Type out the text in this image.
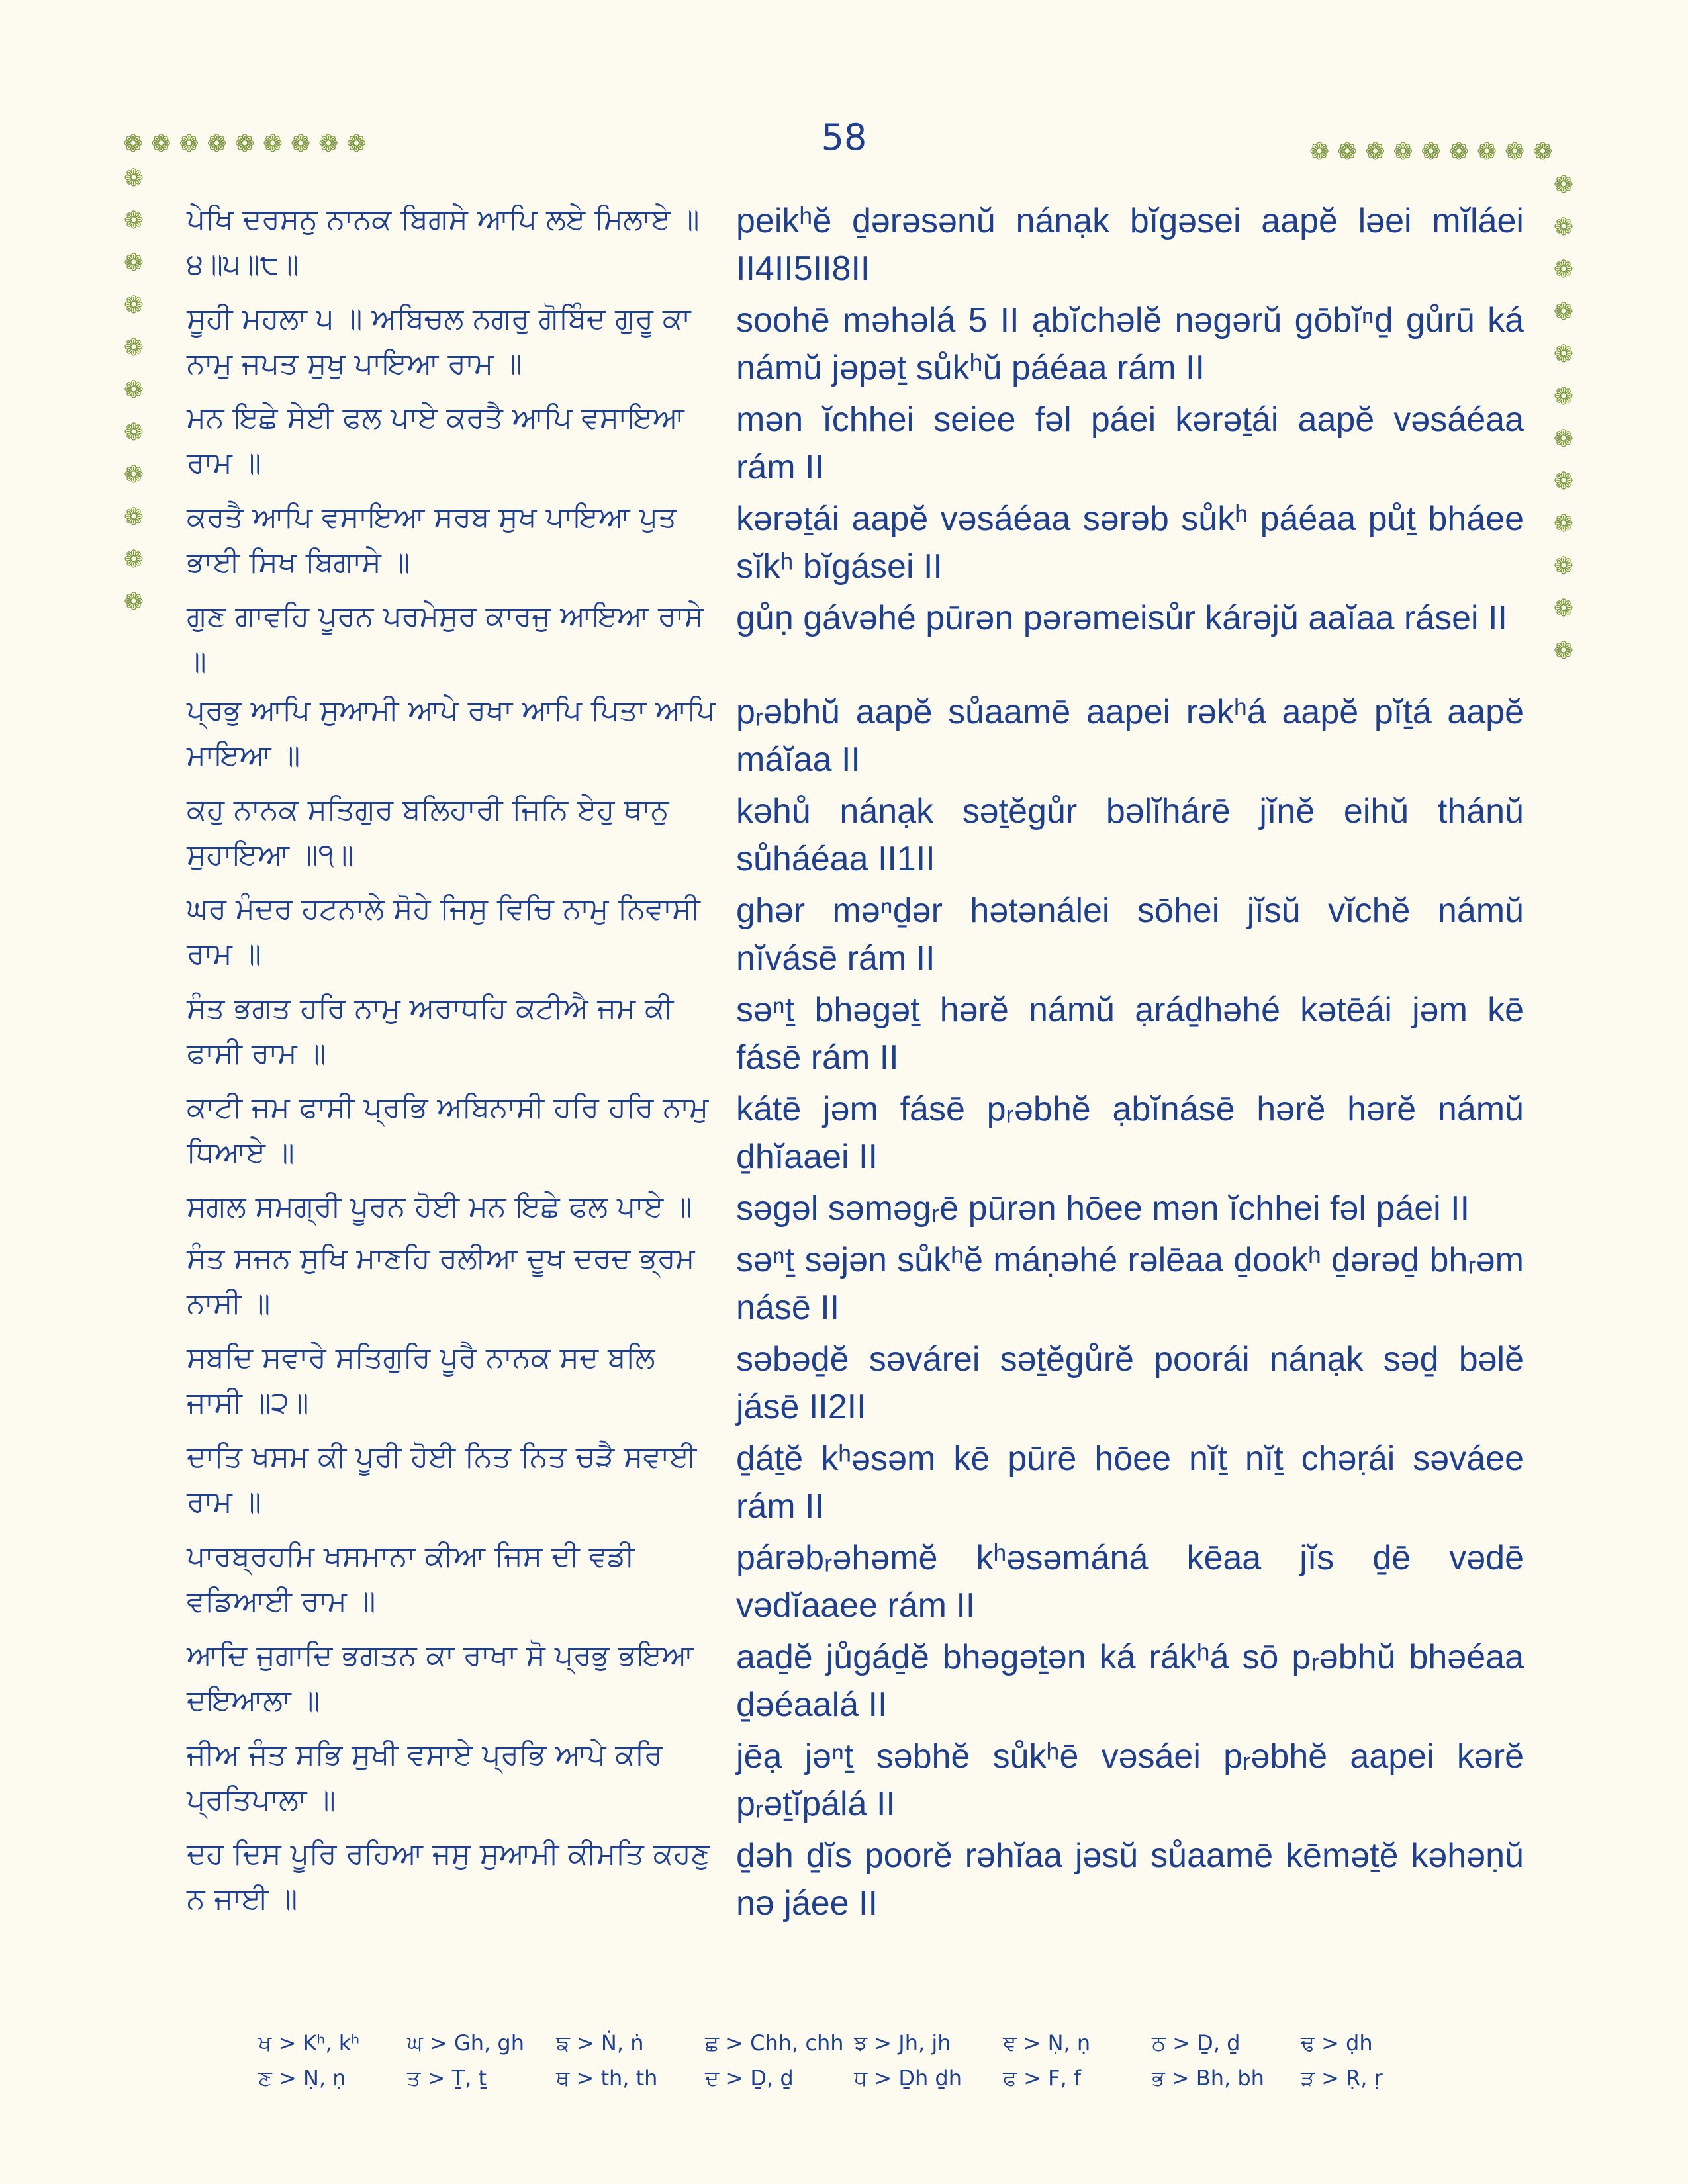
58
❁❁❁❁❁❁❁❁❁	❁❁❁❁❁❁❁❁❁
❁
❁
❁
❁
❁
❁
❁
❁
❁
❁
❁
❁
❁
❁
❁
❁
❁
❁
❁
❁
❁
❁
❁
ਪੇਖਿ ਦਰਸਨੁ ਨਾਨਕ ਬਿਗਸੇ ਆਪਿ ਲਏ ਮਿਲਾਏ ॥੪॥੫॥੮॥
peikʰĕ ḏərəsənŭ nánạk bĭgəsei aapĕ ləei mĭláei II4II5II8II
ਸੂਹੀ ਮਹਲਾ ੫ ॥ ਅਬਿਚਲ ਨਗਰੁ ਗੋਬਿੰਦ ਗੁਰੂ ਕਾ ਨਾਮੁ ਜਪਤ ਸੁਖੁ ਪਾਇਆ ਰਾਮ ॥
soohē məhəlá 5 II ạbĭchəlĕ nəgərŭ gōbĭⁿḏ gůrū ká námŭ jəpəṯ sůkʰŭ páéaa rám II
ਮਨ ਇਛੇ ਸੇਈ ਫਲ ਪਾਏ ਕਰਤੈ ਆਪਿ ਵਸਾਇਆ ਰਾਮ ॥
mən ĭchhei seiee fəl páei kərəṯái aapĕ vəsáéaa rám II
ਕਰਤੈ ਆਪਿ ਵਸਾਇਆ ਸਰਬ ਸੁਖ ਪਾਇਆ ਪੁਤ ਭਾਈ ਸਿਖ ਬਿਗਾਸੇ ॥
kərəṯái aapĕ vəsáéaa sərəb sůkʰ páéaa půṯ bháee sĭkʰ bĭgásei II
ਗੁਣ ਗਾਵਹਿ ਪੂਰਨ ਪਰਮੇਸੁਰ ਕਾਰਜੁ ਆਇਆ ਰਾਸੇ ॥
gůṇ gávəhé pūrən pərəmeisůr kárəjŭ aaĭaa rásei II
ਪ੍ਰਭੁ ਆਪਿ ਸੁਆਮੀ ਆਪੇ ਰਖਾ ਆਪਿ ਪਿਤਾ ਆਪਿ ਮਾਇਆ ॥
pᵣəbhŭ aapĕ sůaamē aapei rəkʰá aapĕ pĭṯá aapĕ máĭaa II
ਕਹੁ ਨਾਨਕ ਸਤਿਗੁਰ ਬਲਿਹਾਰੀ ਜਿਨਿ ਏਹੁ ਥਾਨੁ ਸੁਹਾਇਆ ॥੧॥
kəhů nánạk səṯĕgůr bəlĭhárē jĭnĕ eihŭ thánŭ sůháéaa II1II
ਘਰ ਮੰਦਰ ਹਟਨਾਲੇ ਸੋਹੇ ਜਿਸੁ ਵਿਚਿ ਨਾਮੁ ਨਿਵਾਸੀ ਰਾਮ ॥
ghər məⁿḏər hətənálei sōhei jĭsŭ vĭchĕ námŭ nĭvásē rám II
ਸੰਤ ਭਗਤ ਹਰਿ ਨਾਮੁ ਅਰਾਧਹਿ ਕਟੀਐ ਜਮ ਕੀ ਫਾਸੀ ਰਾਮ ॥
səⁿṯ bhəgəṯ hərĕ námŭ ạráḏhəhé kətēái jəm kē fásē rám II
ਕਾਟੀ ਜਮ ਫਾਸੀ ਪ੍ਰਭਿ ਅਬਿਨਾਸੀ ਹਰਿ ਹਰਿ ਨਾਮੁ ਧਿਆਏ ॥
kátē jəm fásē pᵣəbhĕ ạbĭnásē hərĕ hərĕ námŭ ḏhĭaaei II
ਸਗਲ ਸਮਗ੍ਰੀ ਪੂਰਨ ਹੋਈ ਮਨ ਇਛੇ ਫਲ ਪਾਏ ॥	səgəl səməgᵣē pūrən hōee mən ĭchhei fəl páei II
ਸੰਤ ਸਜਨ ਸੁਖਿ ਮਾਣਹਿ ਰਲੀਆ ਦੂਖ ਦਰਦ ਭ੍ਰਮ ਨਾਸੀ ॥
səⁿṯ səjən sůkʰĕ máṇəhé rəlēaa ḏookʰ ḏərəḏ bhᵣəm násē II
ਸਬਦਿ ਸਵਾਰੇ ਸਤਿਗੁਰਿ ਪੂਰੈ ਨਾਨਕ ਸਦ ਬਲਿ ਜਾਸੀ ॥੨॥
səbəḏĕ səvárei səṯĕgůrĕ poorái nánạk səḏ bəlĕ jásē II2II
ਦਾਤਿ ਖਸਮ ਕੀ ਪੂਰੀ ਹੋਈ ਨਿਤ ਨਿਤ ਚੜੈ ਸਵਾਈ ਰਾਮ ॥
ḏáṯĕ kʰəsəm kē pūrē hōee nĭṯ nĭṯ chəṛái səváee rám II
ਪਾਰਬ੍ਰਹਮਿ ਖਸਮਾਨਾ ਕੀਆ ਜਿਸ ਦੀ ਵਡੀ ਵਡਿਆਈ ਰਾਮ ॥
párəbᵣəhəmĕ kʰəsəmáná kēaa jĭs ḏē vədē vədĭaaee rám II
ਆਦਿ ਜੁਗਾਦਿ ਭਗਤਨ ਕਾ ਰਾਖਾ ਸੋ ਪ੍ਰਭੁ ਭਇਆ ਦਇਆਲਾ ॥
aaḏĕ jůgáḏĕ bhəgəṯən ká rákʰá sō pᵣəbhŭ bhəéaa ḏəéaalá II
ਜੀਅ ਜੰਤ ਸਭਿ ਸੁਖੀ ਵਸਾਏ ਪ੍ਰਭਿ ਆਪੇ ਕਰਿ ਪ੍ਰਤਿਪਾਲਾ ॥
jēạ jəⁿṯ səbhĕ sůkʰē vəsáei pᵣəbhĕ aapei kərĕ pᵣəṯĭpálá II
ਦਹ ਦਿਸ ਪੂਰਿ ਰਹਿਆ ਜਸੁ ਸੁਆਮੀ ਕੀਮਤਿ ਕਹਣੁ ਨ ਜਾਈ ॥
ḏəh ḏĭs poorĕ rəhĭaa jəsŭ sůaamē kēməṯĕ kəhəṇŭ nə jáee II
ਖ > Kʰ, kʰ	ਘ > Gh, gh	ਙ > Ṅ, ṅ	ਛ > Chh, chh ਝ > Jh, jh	ਞ > Ṇ, ṇ	ਠ > Ḏ, ḏ	ਢ > ḍh
ਣ > Ṇ, ṇ	ਤ > Ṯ, ṯ	ਥ > th, th	ਦ > Ḏ, ḏ	ਧ > Ḏh ḏh	ਫ > F, f	ਭ > Bh, bh	ੜ > Ṛ, ṛ
